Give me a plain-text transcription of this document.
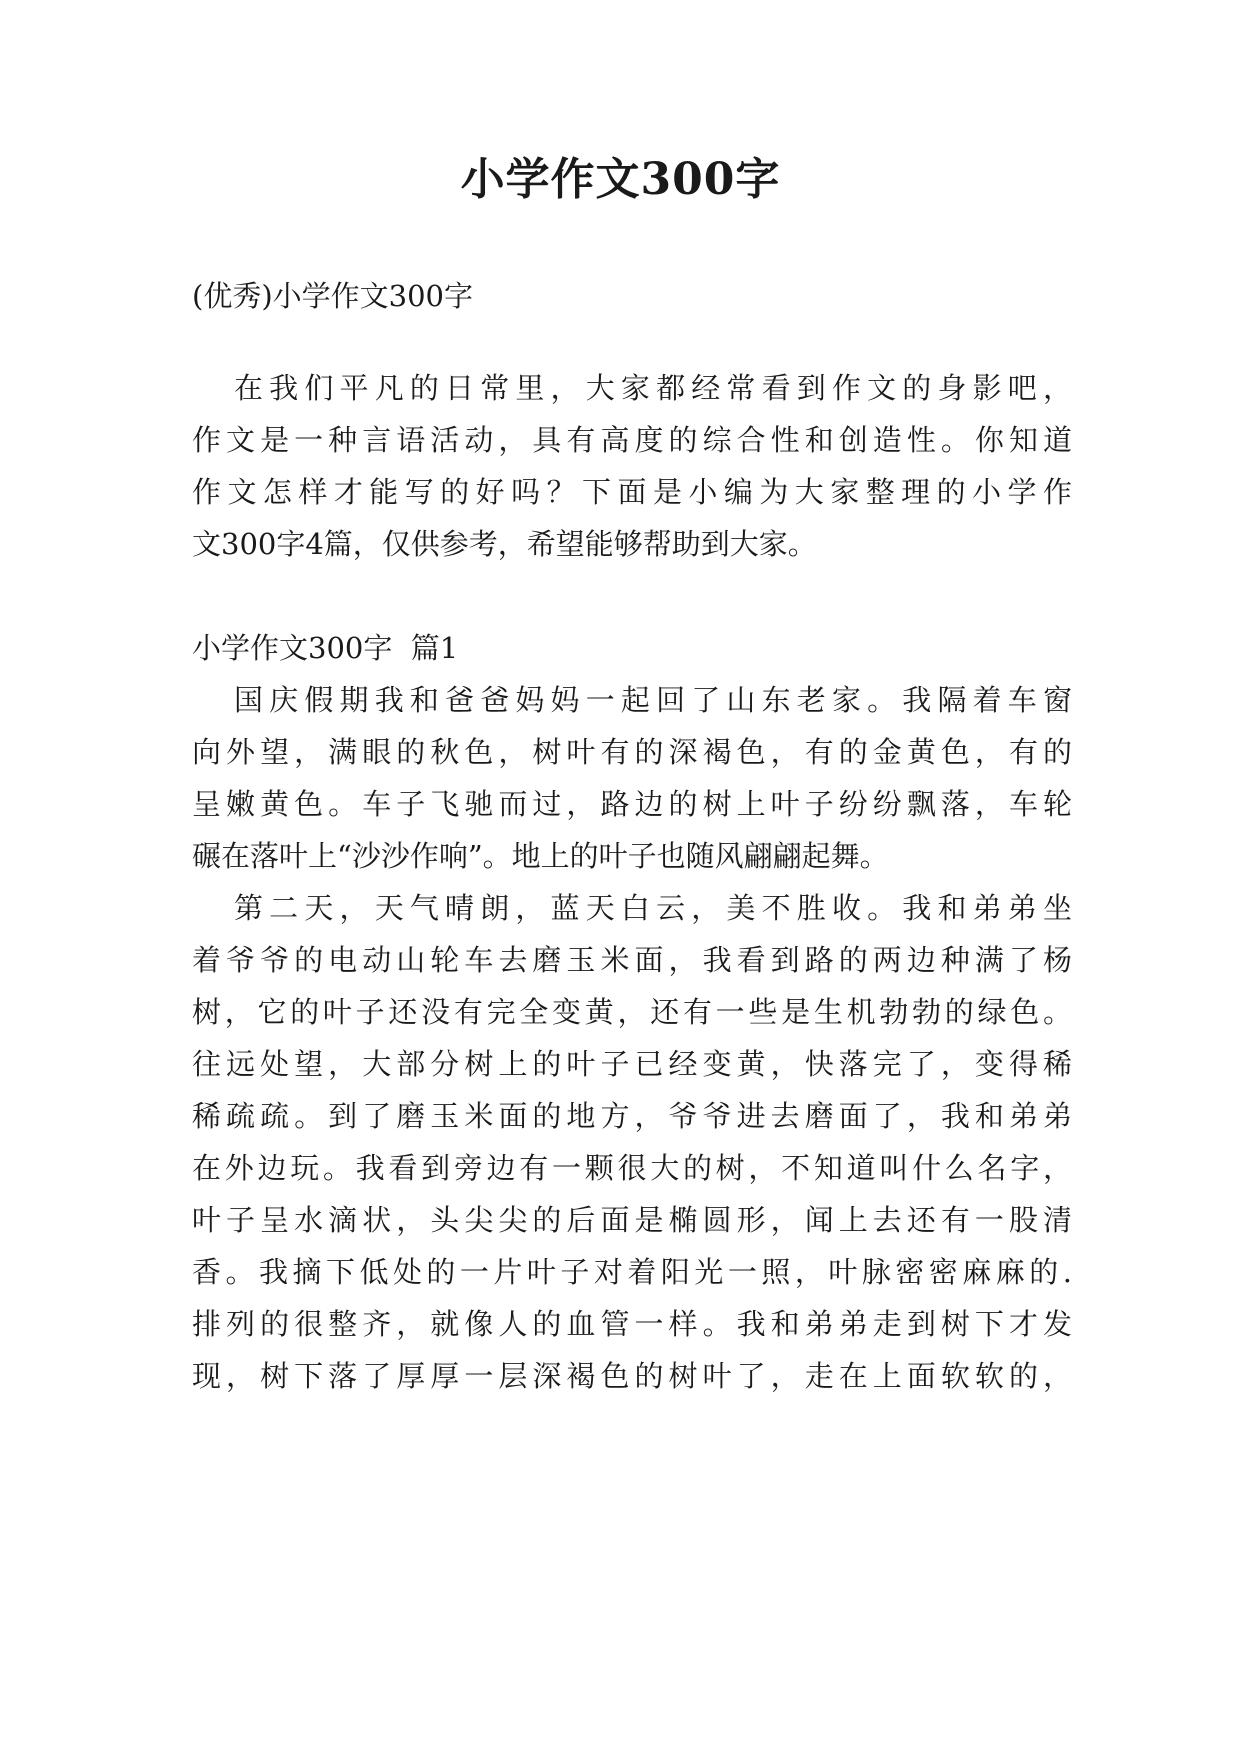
小学作文300字
(优秀)小学作文300字
在我们平凡的日常里，大家都经常看到作文的身影吧，
作文是一种言语活动，具有高度的综合性和创造性。你知道
作文怎样才能写的好吗？下面是小编为大家整理的小学作
文300字4篇，仅供参考，希望能够帮助到大家。
小学作文300字  篇1
国庆假期我和爸爸妈妈一起回了山东老家。我隔着车窗
向外望，满眼的秋色，树叶有的深褐色，有的金黄色，有的
呈嫩黄色。车子飞驰而过，路边的树上叶子纷纷飘落，车轮
碾在落叶上“沙沙作响”。地上的叶子也随风翩翩起舞。
第二天，天气晴朗，蓝天白云，美不胜收。我和弟弟坐
着爷爷的电动山轮车去磨玉米面，我看到路的两边种满了杨
树，它的叶子还没有完全变黄，还有一些是生机勃勃的绿色。
往远处望，大部分树上的叶子已经变黄，快落完了，变得稀
稀疏疏。到了磨玉米面的地方，爷爷进去磨面了，我和弟弟
在外边玩。我看到旁边有一颗很大的树，不知道叫什么名字，
叶子呈水滴状，头尖尖的后面是椭圆形，闻上去还有一股清
香。我摘下低处的一片叶子对着阳光一照，叶脉密密麻麻的.
排列的很整齐，就像人的血管一样。我和弟弟走到树下才发
现，树下落了厚厚一层深褐色的树叶了，走在上面软软的，
